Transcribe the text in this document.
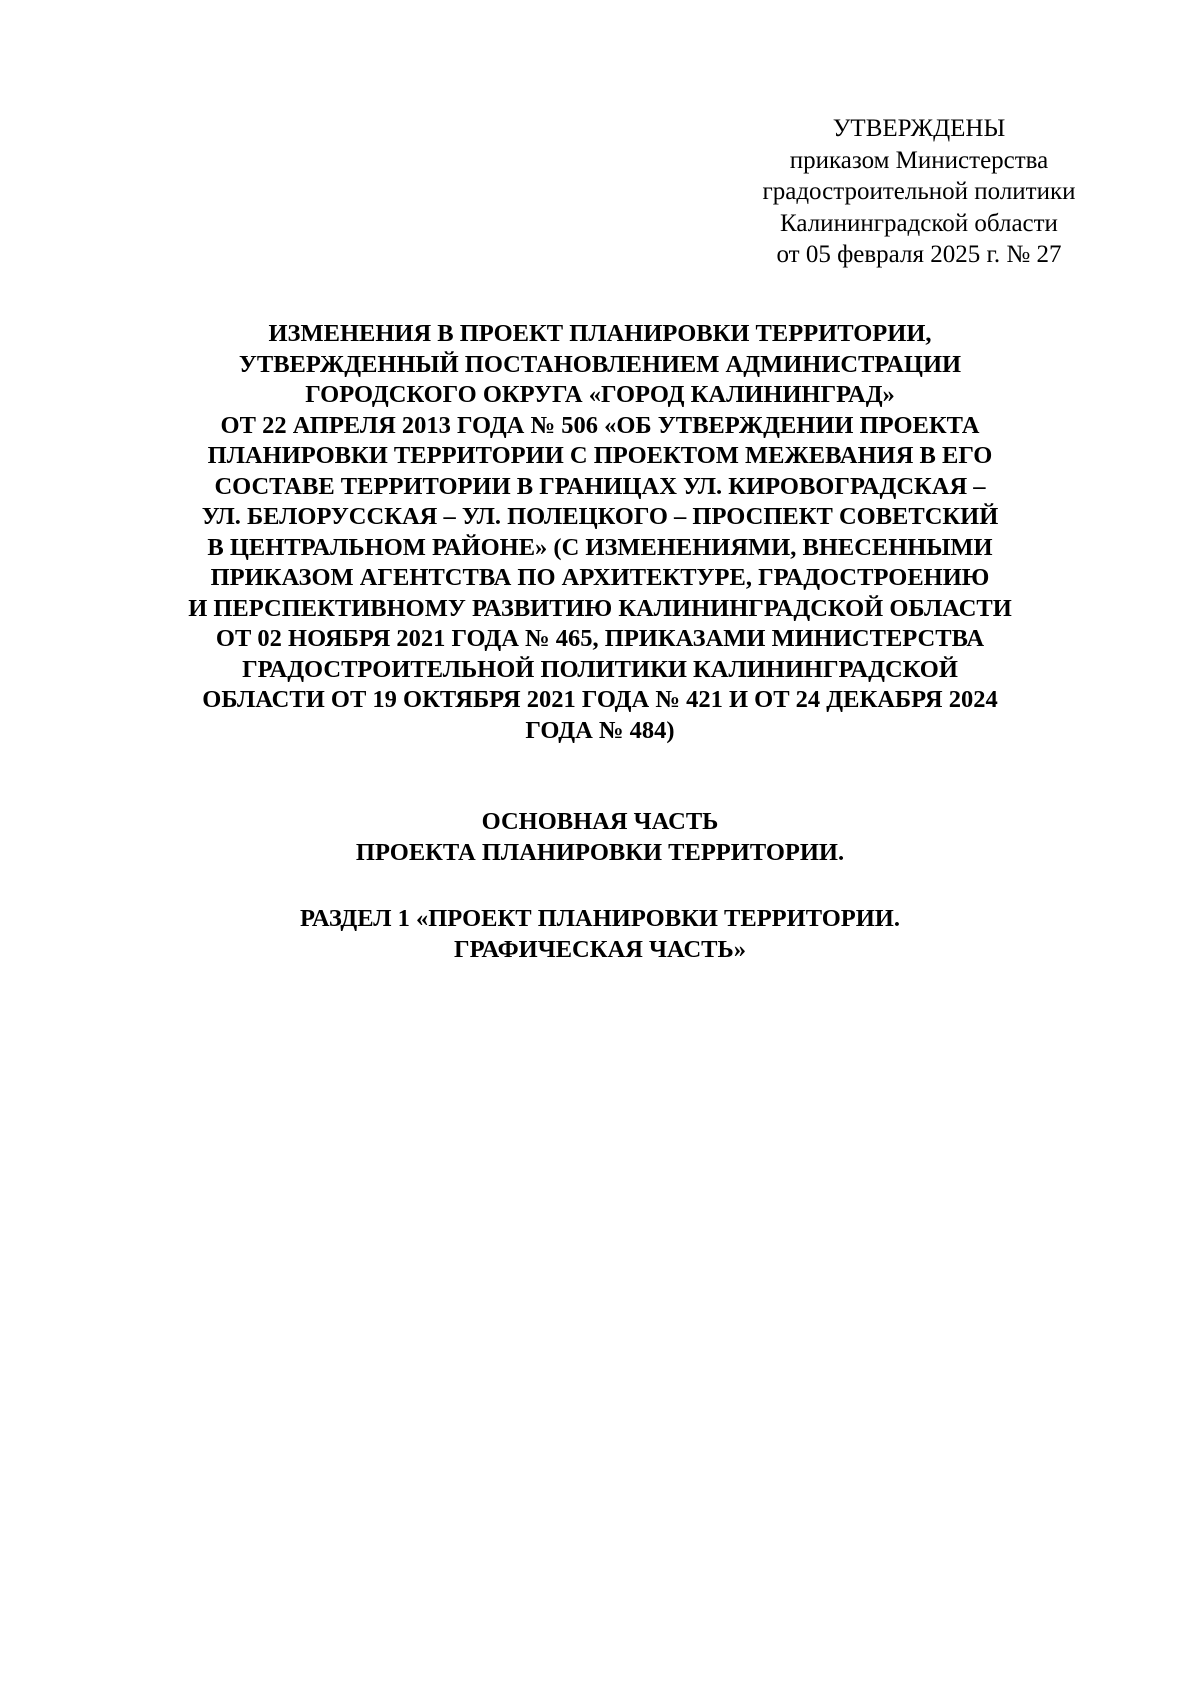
УТВЕРЖДЕНЫ
приказом Министерства
градостроительной политики
Калининградской области
от 05 февраля 2025 г. № 27
ИЗМЕНЕНИЯ В ПРОЕКТ ПЛАНИРОВКИ ТЕРРИТОРИИ,
УТВЕРЖДЕННЫЙ ПОСТАНОВЛЕНИЕМ АДМИНИСТРАЦИИ
ГОРОДСКОГО ОКРУГА «ГОРОД КАЛИНИНГРАД»
ОТ 22 АПРЕЛЯ 2013 ГОДА № 506 «ОБ УТВЕРЖДЕНИИ ПРОЕКТА
ПЛАНИРОВКИ ТЕРРИТОРИИ С ПРОЕКТОМ МЕЖЕВАНИЯ В ЕГО
СОСТАВЕ ТЕРРИТОРИИ В ГРАНИЦАХ УЛ. КИРОВОГРАДСКАЯ –
УЛ. БЕЛОРУССКАЯ – УЛ. ПОЛЕЦКОГО – ПРОСПЕКТ СОВЕТСКИЙ
В ЦЕНТРАЛЬНОМ РАЙОНЕ» (С ИЗМЕНЕНИЯМИ, ВНЕСЕННЫМИ
ПРИКАЗОМ АГЕНТСТВА ПО АРХИТЕКТУРЕ, ГРАДОСТРОЕНИЮ
И ПЕРСПЕКТИВНОМУ РАЗВИТИЮ КАЛИНИНГРАДСКОЙ ОБЛАСТИ
ОТ 02 НОЯБРЯ 2021 ГОДА № 465, ПРИКАЗАМИ МИНИСТЕРСТВА
ГРАДОСТРОИТЕЛЬНОЙ ПОЛИТИКИ КАЛИНИНГРАДСКОЙ
ОБЛАСТИ ОТ 19 ОКТЯБРЯ 2021 ГОДА № 421 И ОТ 24 ДЕКАБРЯ 2024
ГОДА № 484)
ОСНОВНАЯ ЧАСТЬ
ПРОЕКТА ПЛАНИРОВКИ ТЕРРИТОРИИ.
РАЗДЕЛ 1 «ПРОЕКТ ПЛАНИРОВКИ ТЕРРИТОРИИ.
ГРАФИЧЕСКАЯ ЧАСТЬ»
